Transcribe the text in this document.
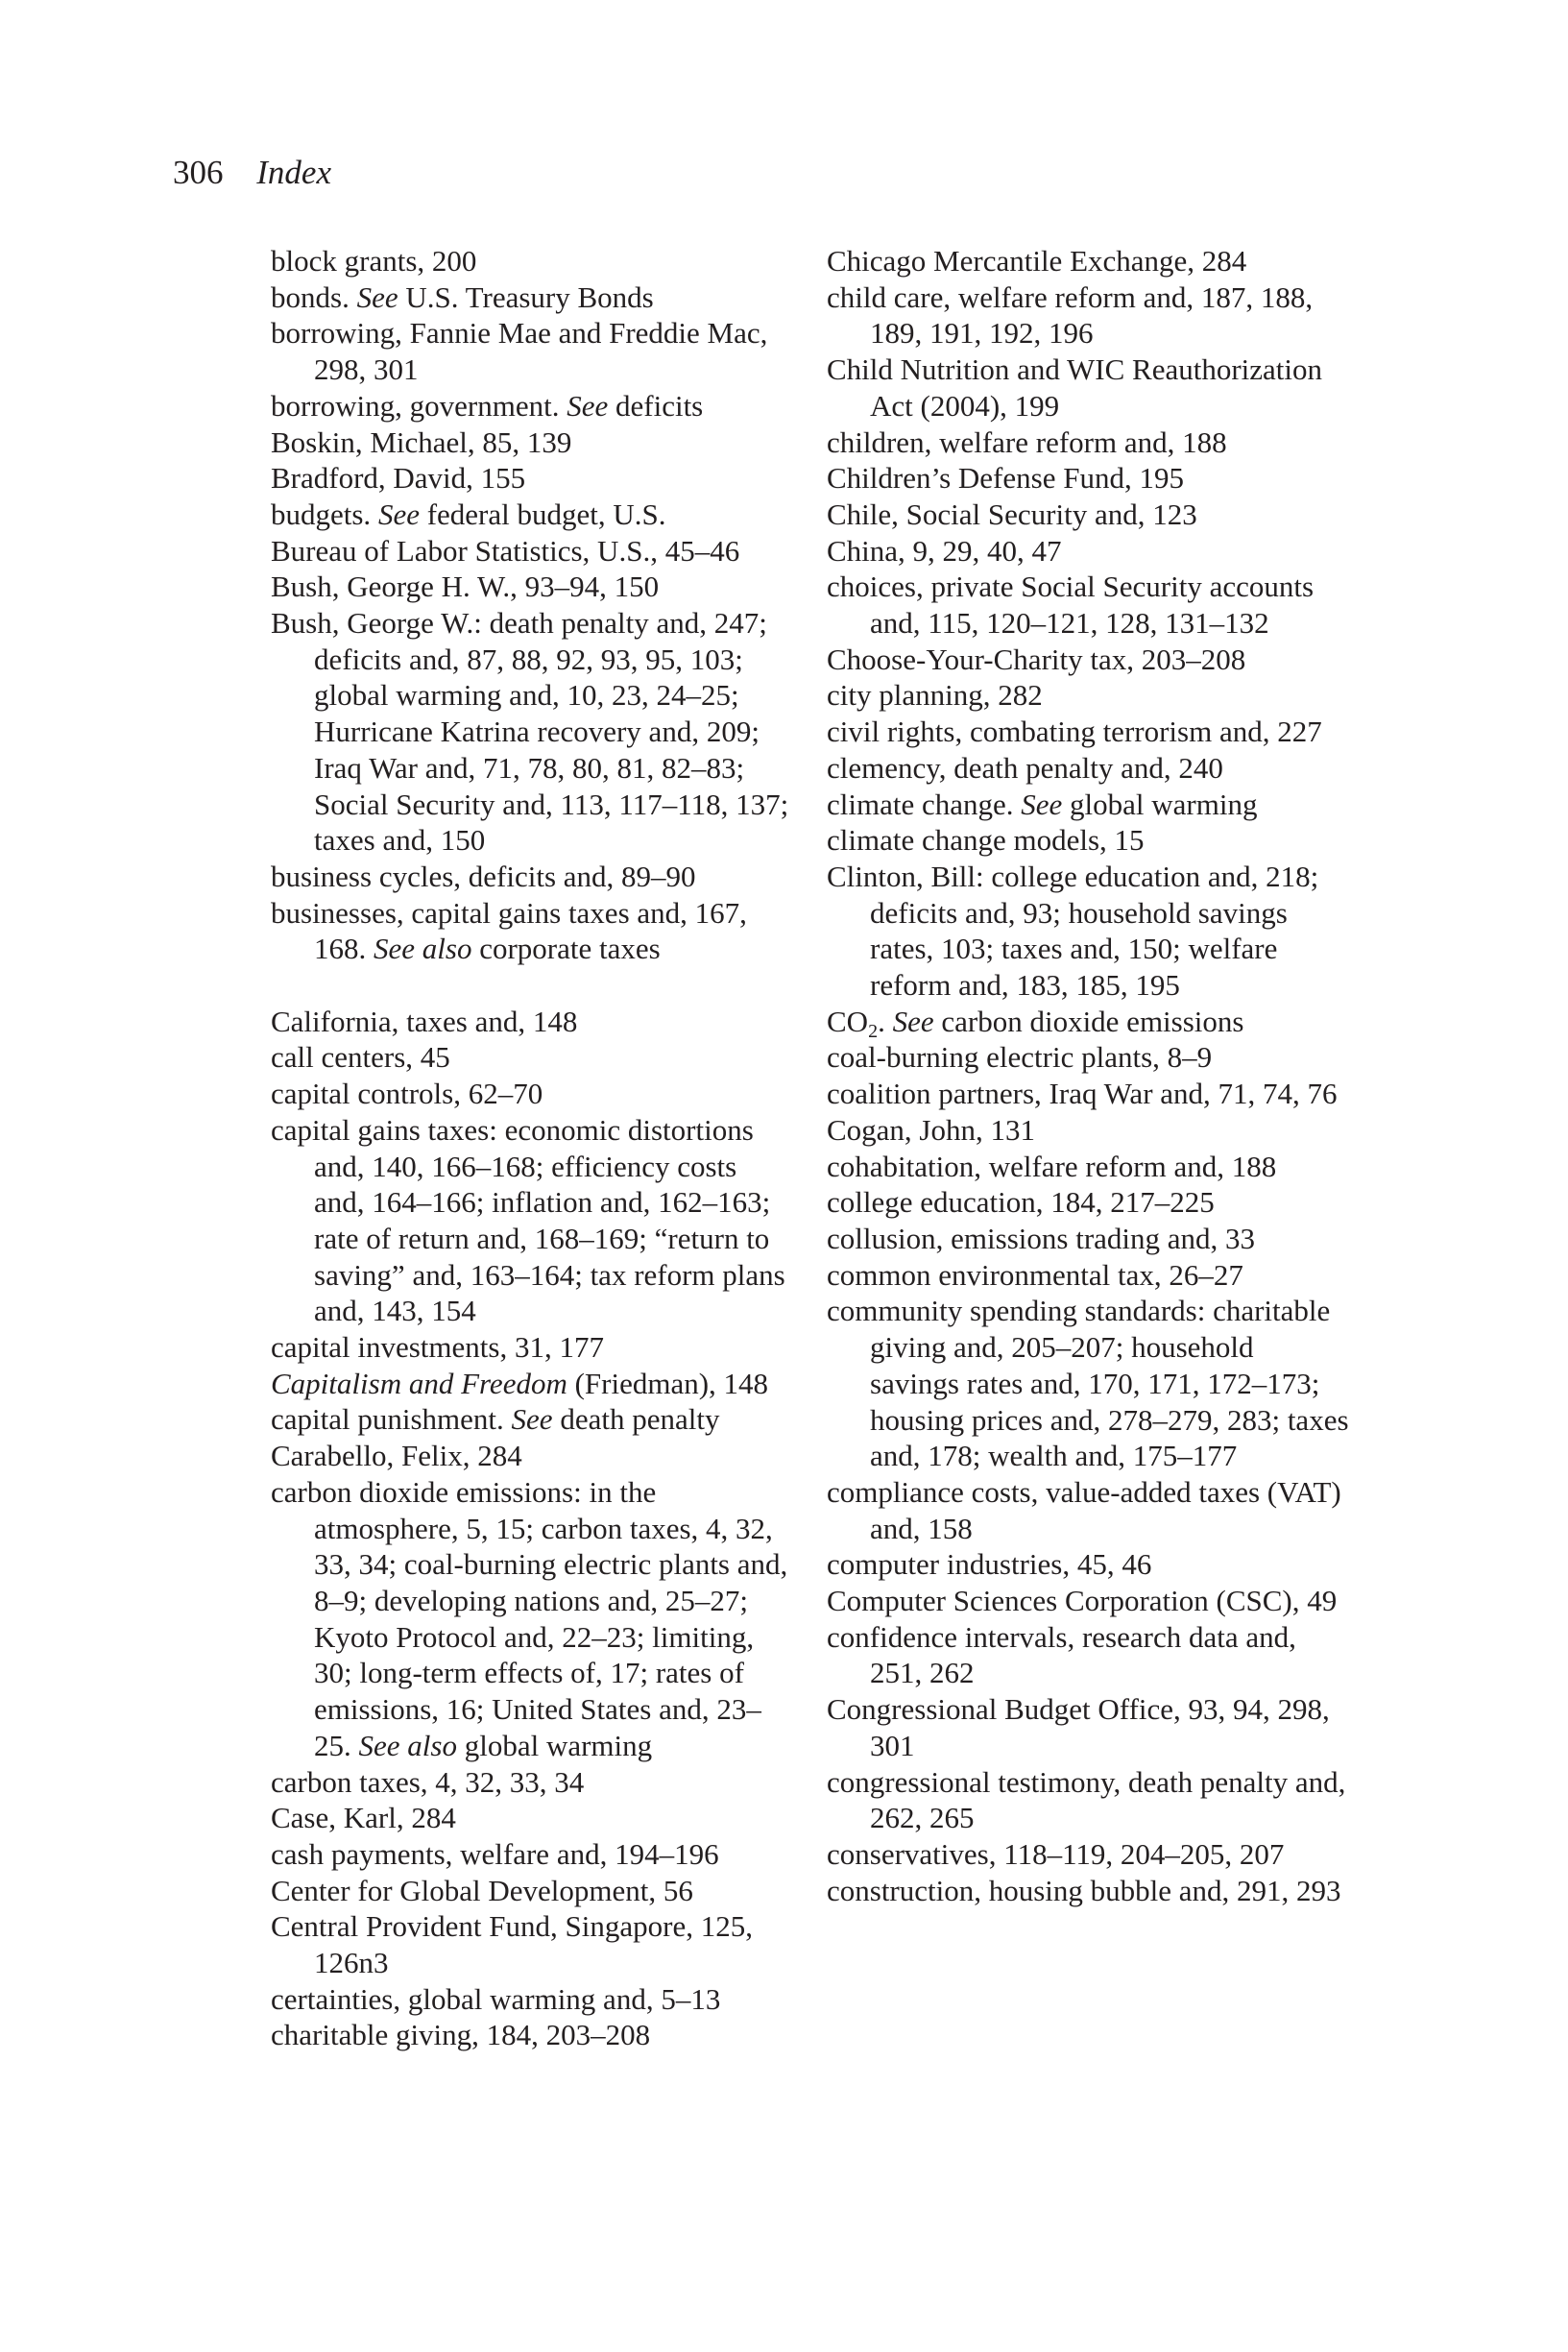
306 Index

block grants, 200

bonds. See U.S. Treasury Bonds

borrowing, Fannie Mae and Freddie Mac, 298, 301

borrowing, government. See deficits

Boskin, Michael, 85, 139

Bradford, David, 155

budgets. See federal budget, U.S.

Bureau of Labor Statistics, U.S., 45–46

Bush, George H. W., 93–94, 150

Bush, George W.: death penalty and, 247; deficits and, 87, 88, 92, 93, 95, 103; global warming and, 10, 23, 24–25; Hurricane Katrina recovery and, 209; Iraq War and, 71, 78, 80, 81, 82–83; Social Security and, 113, 117–118, 137; taxes and, 150

business cycles, deficits and, 89–90

businesses, capital gains taxes and, 167, 168. See also corporate taxes

California, taxes and, 148

call centers, 45

capital controls, 62–70

capital gains taxes: economic distortions and, 140, 166–168; efficiency costs and, 164–166; inflation and, 162–163; rate of return and, 168–169; “return to saving” and, 163–164; tax reform plans and, 143, 154

capital investments, 31, 177

Capitalism and Freedom (Friedman), 148

capital punishment. See death penalty

Carabello, Felix, 284

carbon dioxide emissions: in the atmosphere, 5, 15; carbon taxes, 4, 32, 33, 34; coal-burning electric plants and, 8–9; developing nations and, 25–27; Kyoto Protocol and, 22–23; limiting, 30; long-term effects of, 17; rates of emissions, 16; United States and, 23–25. See also global warming

carbon taxes, 4, 32, 33, 34

Case, Karl, 284

cash payments, welfare and, 194–196

Center for Global Development, 56

Central Provident Fund, Singapore, 125, 126n3

certainties, global warming and, 5–13

charitable giving, 184, 203–208

Chicago Mercantile Exchange, 284

child care, welfare reform and, 187, 188, 189, 191, 192, 196

Child Nutrition and WIC Reauthorization Act (2004), 199

children, welfare reform and, 188

Children’s Defense Fund, 195

Chile, Social Security and, 123

China, 9, 29, 40, 47

choices, private Social Security accounts and, 115, 120–121, 128, 131–132

Choose-Your-Charity tax, 203–208

city planning, 282

civil rights, combating terrorism and, 227

clemency, death penalty and, 240

climate change. See global warming

climate change models, 15

Clinton, Bill: college education and, 218; deficits and, 93; household savings rates, 103; taxes and, 150; welfare reform and, 183, 185, 195

$CO_2$. See carbon dioxide emissions

coal-burning electric plants, 8–9

coalition partners, Iraq War and, 71, 74, 76

Cogan, John, 131

cohabitation, welfare reform and, 188

college education, 184, 217–225

collusion, emissions trading and, 33

common environmental tax, 26–27

community spending standards: charitable giving and, 205–207; household savings rates and, 170, 171, 172–173; housing prices and, 278–279, 283; taxes and, 178; wealth and, 175–177

compliance costs, value-added taxes (VAT) and, 158

computer industries, 45, 46

Computer Sciences Corporation (CSC), 49

confidence intervals, research data and, 251, 262

Congressional Budget Office, 93, 94, 298, 301

congressional testimony, death penalty and, 262, 265

conservatives, 118–119, 204–205, 207

construction, housing bubble and, 291, 293
